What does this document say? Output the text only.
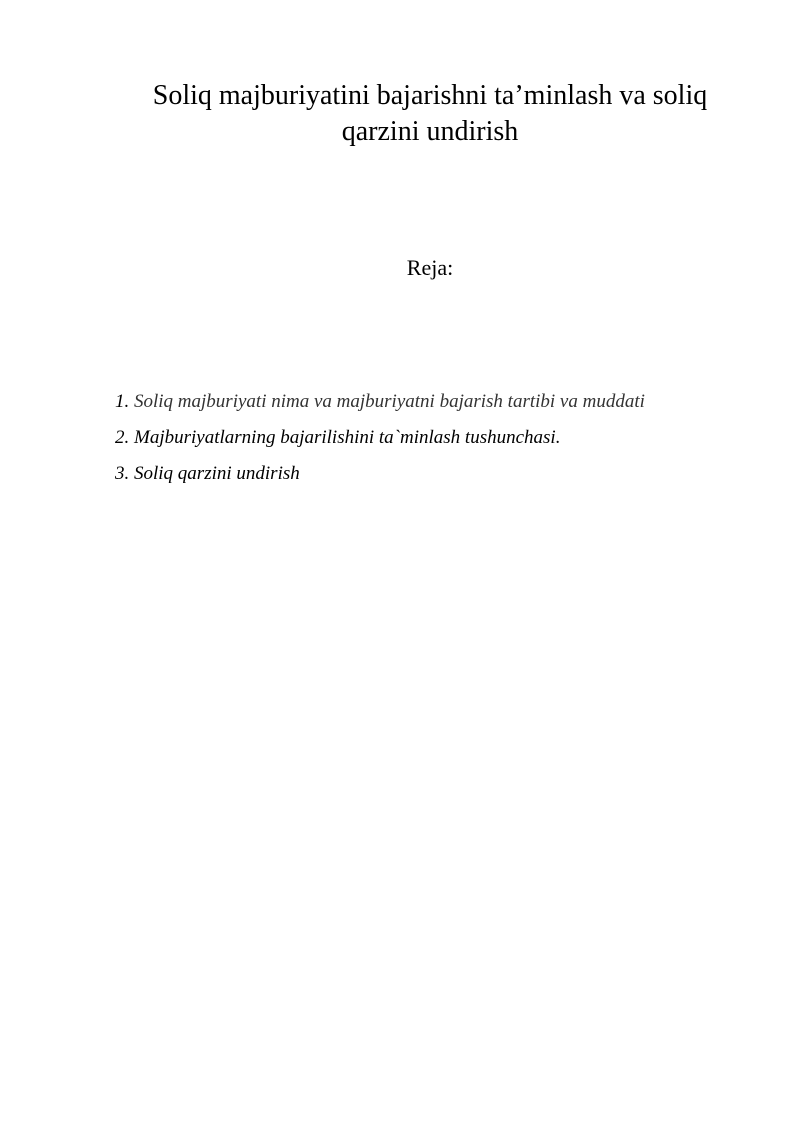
Soliq majburiyatini bajarishni ta’minlash va soliq
qarzini undirish
Reja:
1. Soliq majburiyati nima va majburiyatni bajarish tartibi va muddati
2. Majburiyatlarning bajarilishini ta`minlash tushunchasi.
3. Soliq qarzini undirish
